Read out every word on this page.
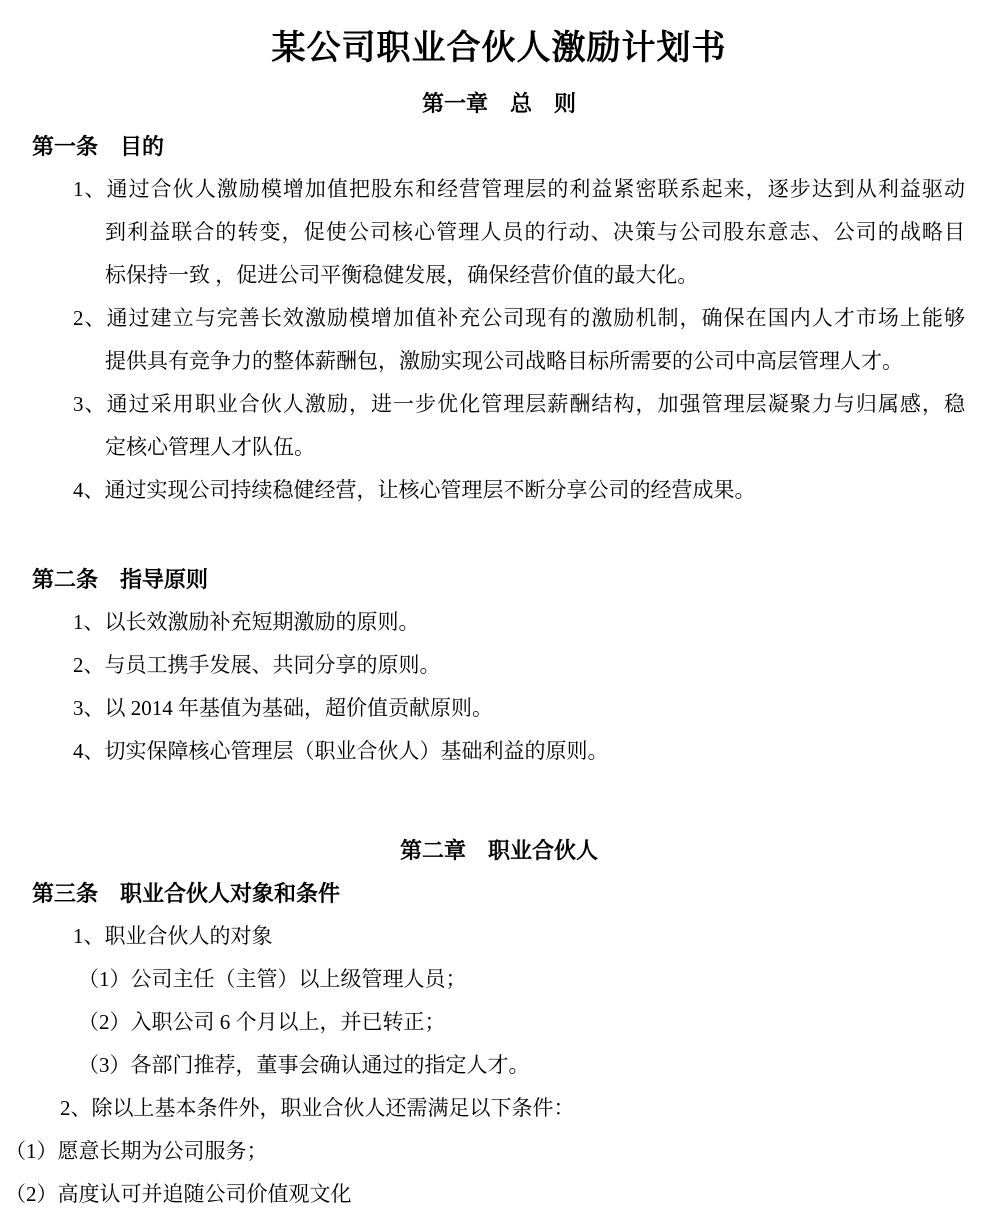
某公司职业合伙人激励计划书
第一章　总　则
第一条　目的
1、通过合伙人激励模增加值把股东和经营管理层的利益紧密联系起来，逐步达到从利益驱动
到利益联合的转变，促使公司核心管理人员的行动、决策与公司股东意志、公司的战略目
标保持一致 ，促进公司平衡稳健发展，确保经营价值的最大化。
2、通过建立与完善长效激励模增加值补充公司现有的激励机制，确保在国内人才市场上能够
提供具有竞争力的整体薪酬包，激励实现公司战略目标所需要的公司中高层管理人才。
3、通过采用职业合伙人激励，进一步优化管理层薪酬结构，加强管理层凝聚力与归属感，稳
定核心管理人才队伍。
4、通过实现公司持续稳健经营，让核心管理层不断分享公司的经营成果。
第二条　指导原则
1、以长效激励补充短期激励的原则。
2、与员工携手发展、共同分享的原则。
3、以 2014 年基值为基础，超价值贡献原则。
4、切实保障核心管理层（职业合伙人）基础利益的原则。
第二章　职业合伙人
第三条　职业合伙人对象和条件
1、职业合伙人的对象
（1）公司主任（主管）以上级管理人员；
（2）入职公司 6 个月以上，并已转正；
（3）各部门推荐，董事会确认通过的指定人才。
2、除以上基本条件外，职业合伙人还需满足以下条件：
（1）愿意长期为公司服务；
（2）高度认可并追随公司价值观文化
